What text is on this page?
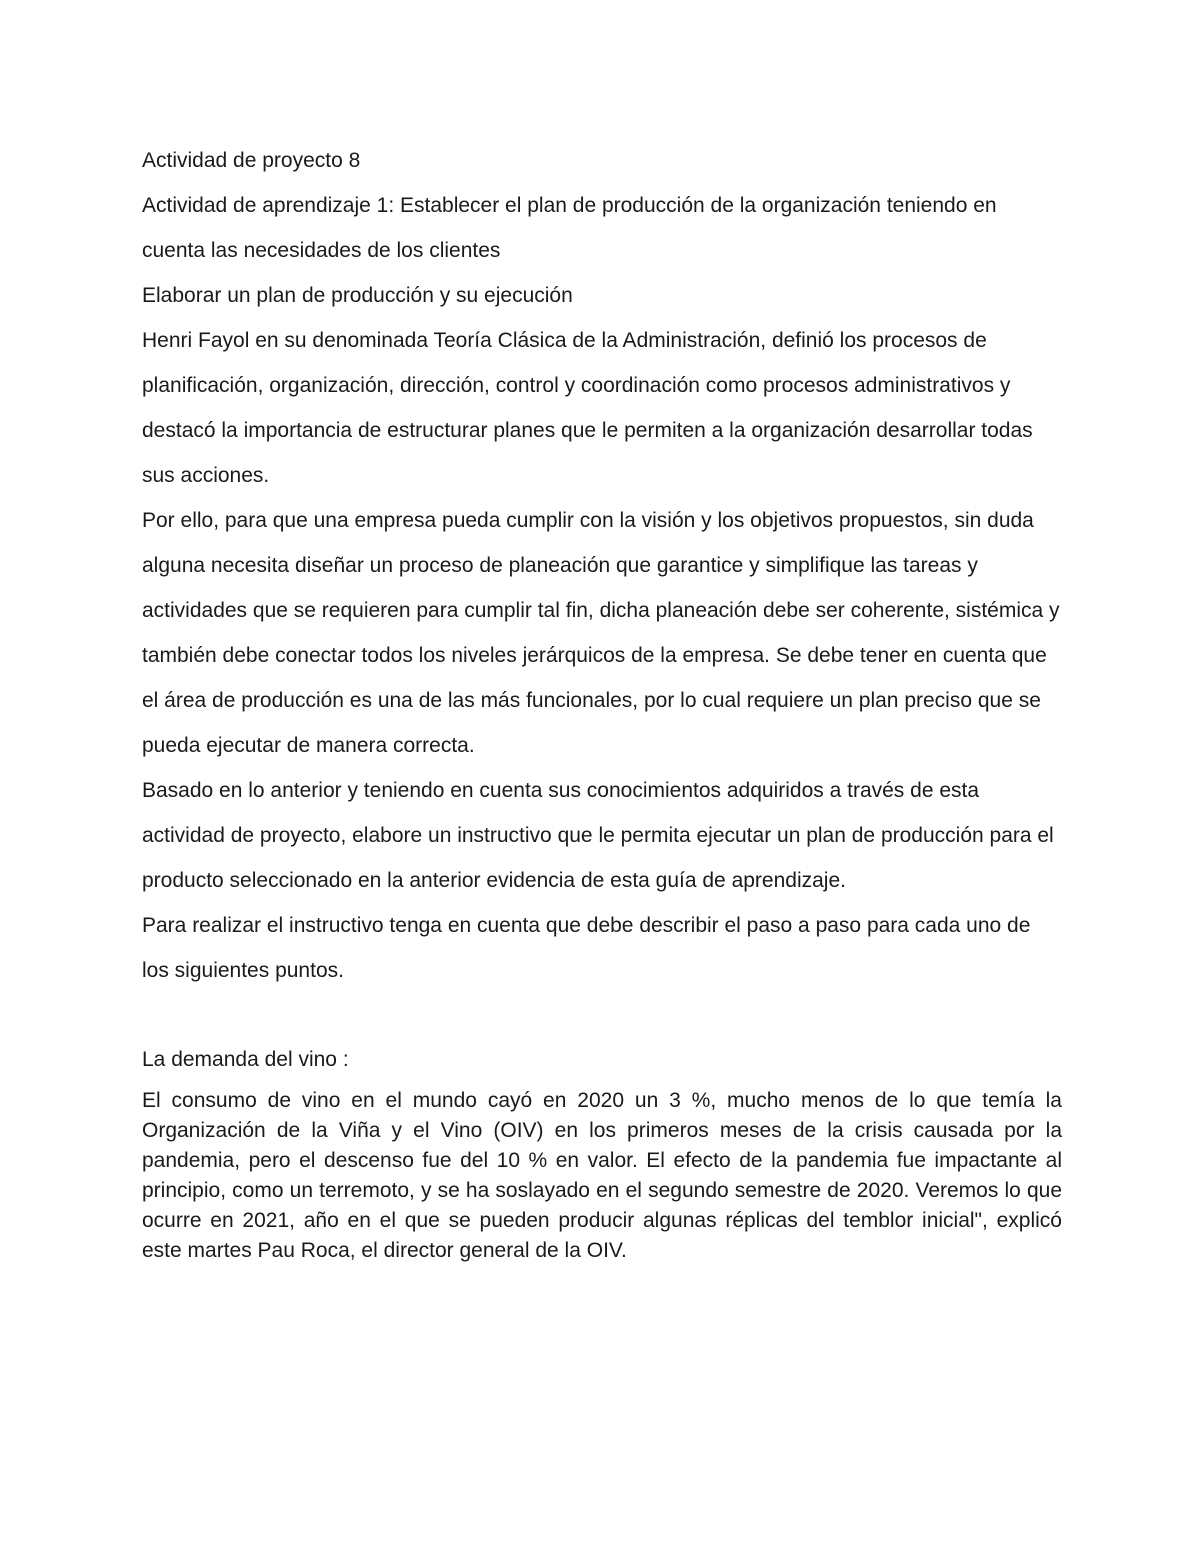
Actividad de proyecto 8

Actividad de aprendizaje 1: Establecer el plan de producción de la organización teniendo en cuenta las necesidades de los clientes

Elaborar un plan de producción y su ejecución

Henri Fayol en su denominada Teoría Clásica de la Administración, definió los procesos de planificación, organización, dirección, control y coordinación como procesos administrativos y destacó la importancia de estructurar planes que le permiten a la organización desarrollar todas sus acciones.

Por ello, para que una empresa pueda cumplir con la visión y los objetivos propuestos, sin duda alguna necesita diseñar un proceso de planeación que garantice y simplifique las tareas y actividades que se requieren para cumplir tal fin, dicha planeación debe ser coherente, sistémica y también debe conectar todos los niveles jerárquicos de la empresa. Se debe tener en cuenta que el área de producción es una de las más funcionales, por lo cual requiere un plan preciso que se pueda ejecutar de manera correcta.

Basado en lo anterior y teniendo en cuenta sus conocimientos adquiridos a través de esta actividad de proyecto, elabore un instructivo que le permita ejecutar un plan de producción para el producto seleccionado en la anterior evidencia de esta guía de aprendizaje.

Para realizar el instructivo tenga en cuenta que debe describir el paso a paso para cada uno de los siguientes puntos.

La demanda del vino :

El consumo de vino en el mundo cayó en 2020 un 3 %, mucho menos de lo que temía la Organización de la Viña y el Vino (OIV) en los primeros meses de la crisis causada por la pandemia, pero el descenso fue del 10 % en valor. El efecto de la pandemia fue impactante al principio, como un terremoto, y se ha soslayado en el segundo semestre de 2020. Veremos lo que ocurre en 2021, año en el que se pueden producir algunas réplicas del temblor inicial", explicó este martes Pau Roca, el director general de la OIV.
